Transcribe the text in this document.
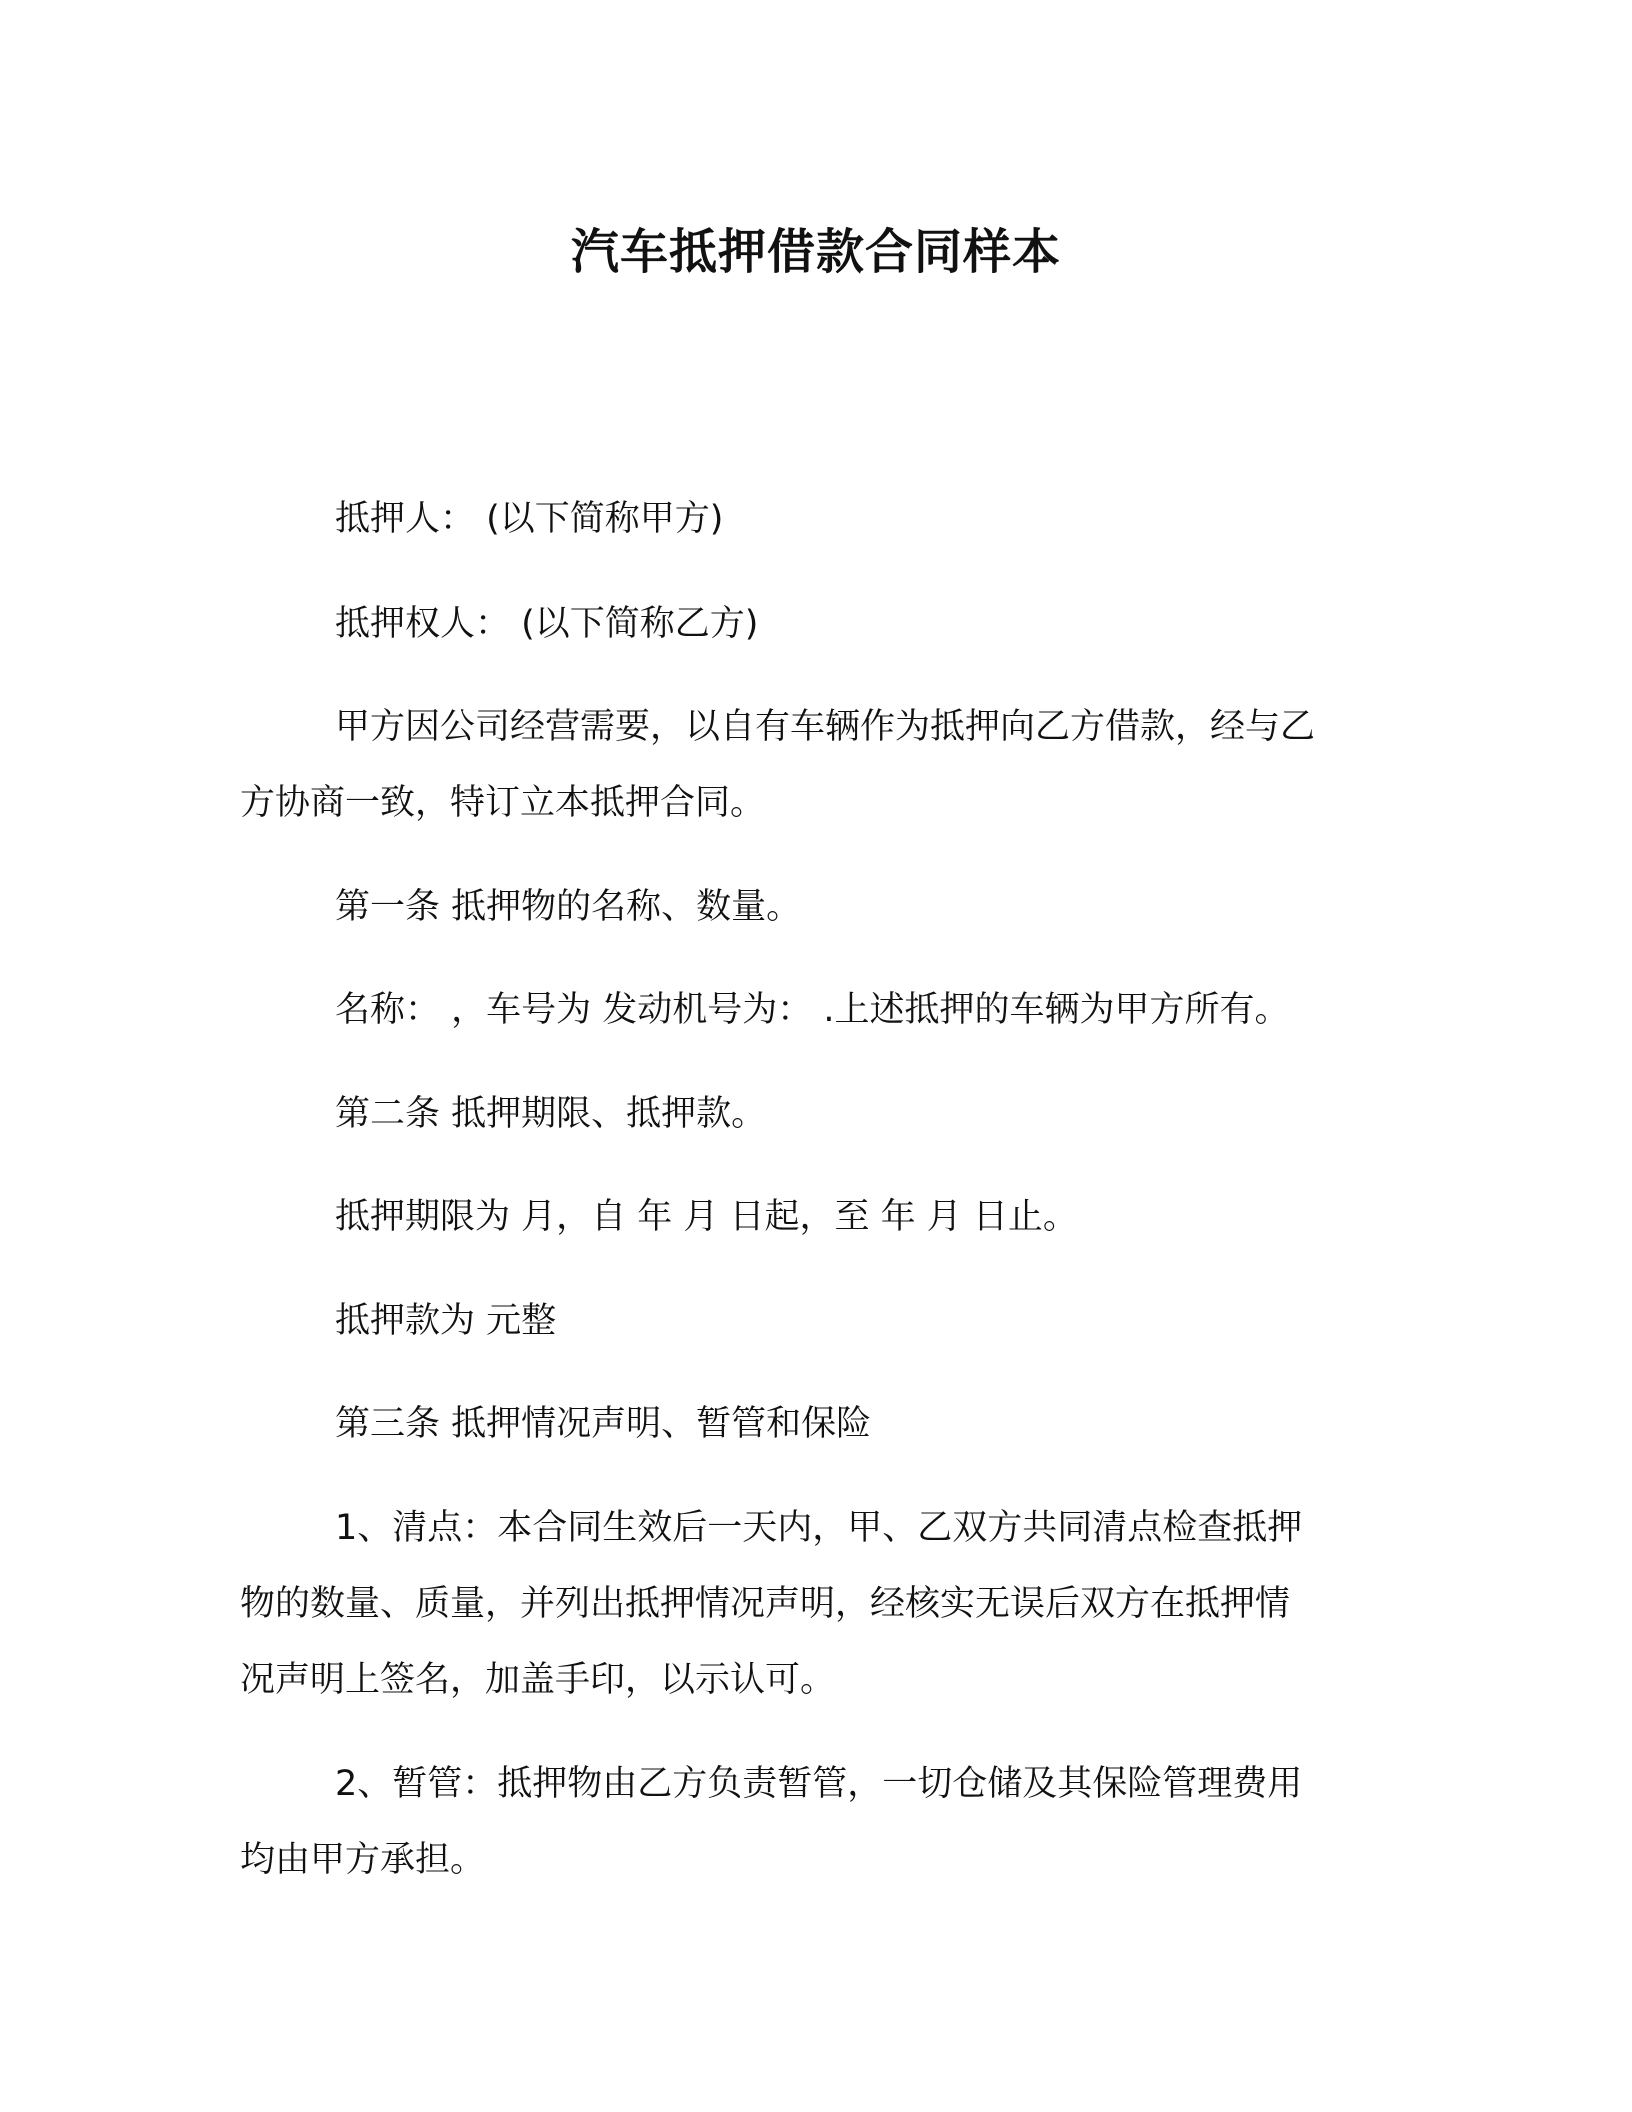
汽车抵押借款合同样本
抵押人： (以下简称甲方)
抵押权人： (以下简称乙方)
甲方因公司经营需要，以自有车辆作为抵押向乙方借款，经与乙
方协商一致，特订立本抵押合同。
第一条 抵押物的名称、数量。
名称： ，车号为 发动机号为： .上述抵押的车辆为甲方所有。
第二条 抵押期限、抵押款。
抵押期限为 月，自 年 月 日起，至 年 月 日止。
抵押款为 元整
第三条 抵押情况声明、暂管和保险
1、清点：本合同生效后一天内，甲、乙双方共同清点检查抵押
物的数量、质量，并列出抵押情况声明，经核实无误后双方在抵押情
况声明上签名，加盖手印，以示认可。
2、暂管：抵押物由乙方负责暂管，一切仓储及其保险管理费用
均由甲方承担。
